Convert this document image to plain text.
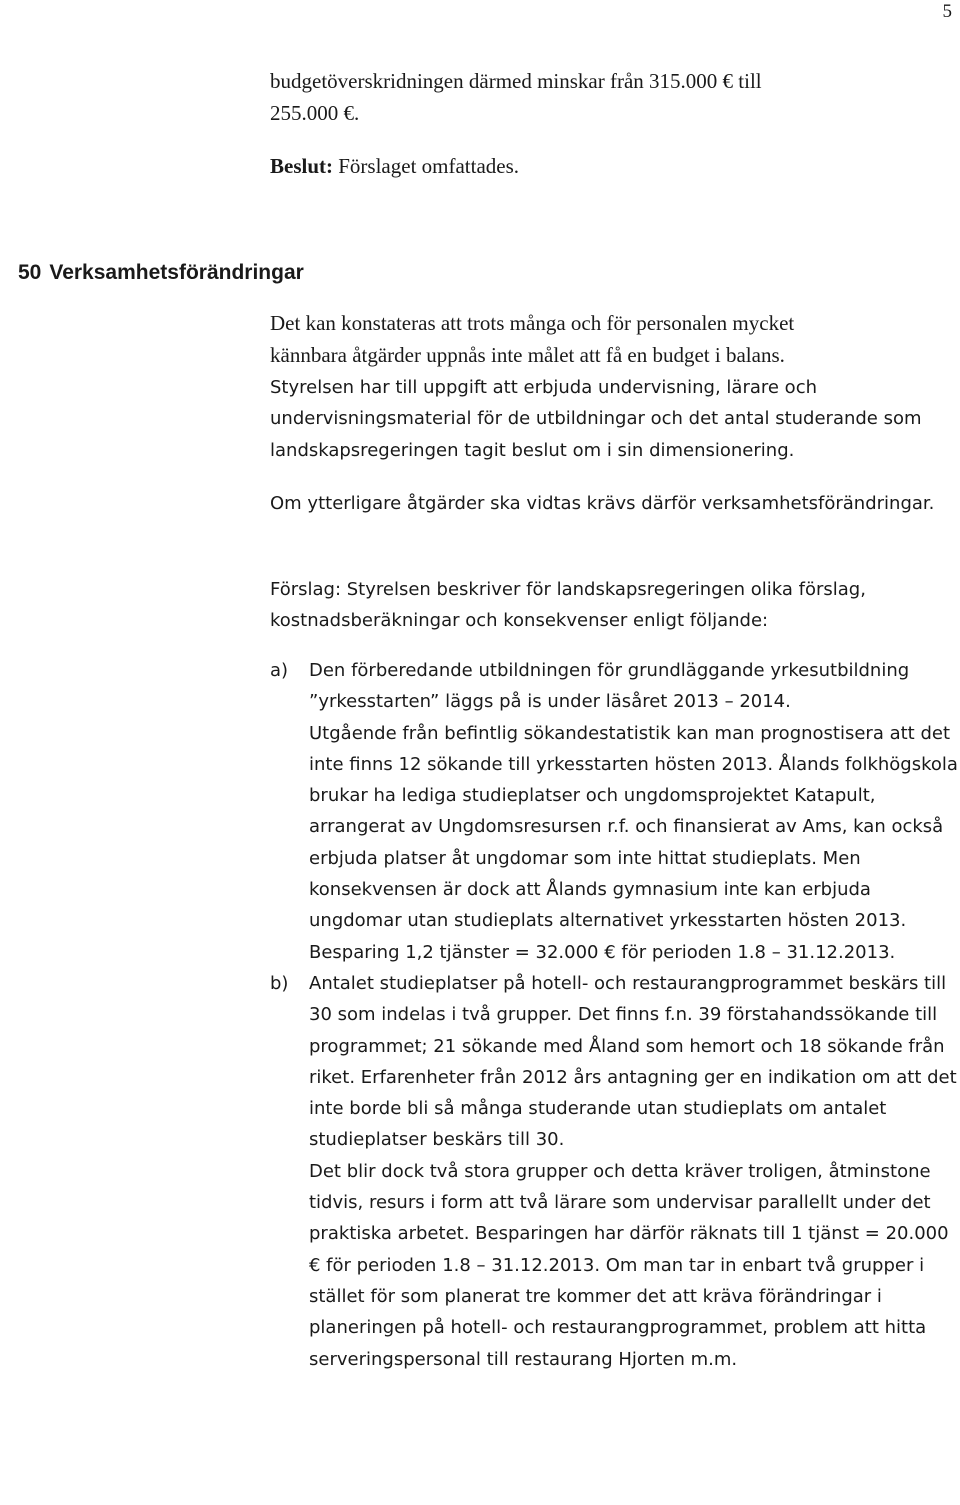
5
budgetöverskridningen därmed minskar från 315.000 € till
255.000 €.
Beslut: Förslaget omfattades.
50 Verksamhetsförändringar
Det kan konstateras att trots många och för personalen mycket
kännbara åtgärder uppnås inte målet att få en budget i balans.

Styrelsen har till uppgift att erbjuda undervisning, lärare och undervisningsmaterial för de utbildningar och det antal studerande som landskapsregeringen tagit beslut om i sin dimensionering.

Om ytterligare åtgärder ska vidtas krävs därför verksamhetsförändringar.

Förslag: Styrelsen beskriver för landskapsregeringen olika förslag, kostnadsberäkningar och konsekvenser enligt följande:

a) Den förberedande utbildningen för grundläggande yrkesutbildning ”yrkesstarten” läggs på is under läsåret 2013 – 2014.

Utgående från befintlig sökandestatistik kan man prognostisera att det inte finns 12 sökande till yrkesstarten hösten 2013. Ålands folkhögskola brukar ha lediga studieplatser och ungdomsprojektet Katapult, arrangerat av Ungdomsresursen r.f. och finansierat av Ams, kan också erbjuda platser åt ungdomar som inte hittat studieplats. Men konsekvensen är dock att Ålands gymnasium inte kan erbjuda ungdomar utan studieplats alternativet yrkesstarten hösten 2013.

Besparing 1,2 tjänster = 32.000 € för perioden 1.8 – 31.12.2013.

b) Antalet studieplatser på hotell- och restaurangprogrammet beskärs till 30 som indelas i två grupper. Det finns f.n. 39 förstahandssökande till programmet; 21 sökande med Åland som hemort och 18 sökande från riket. Erfarenheter från 2012 års antagning ger en indikation om att det inte borde bli så många studerande utan studieplats om antalet studieplatser beskärs till 30.

Det blir dock två stora grupper och detta kräver troligen, åtminstone tidvis, resurs i form att två lärare som undervisar parallellt under det praktiska arbetet. Besparingen har därför räknats till 1 tjänst = 20.000 € för perioden 1.8 – 31.12.2013. Om man tar in enbart två grupper i stället för som planerat tre kommer det att kräva förändringar i planeringen på hotell- och restaurangprogrammet, problem att hitta serveringspersonal till restaurang Hjorten m.m.
